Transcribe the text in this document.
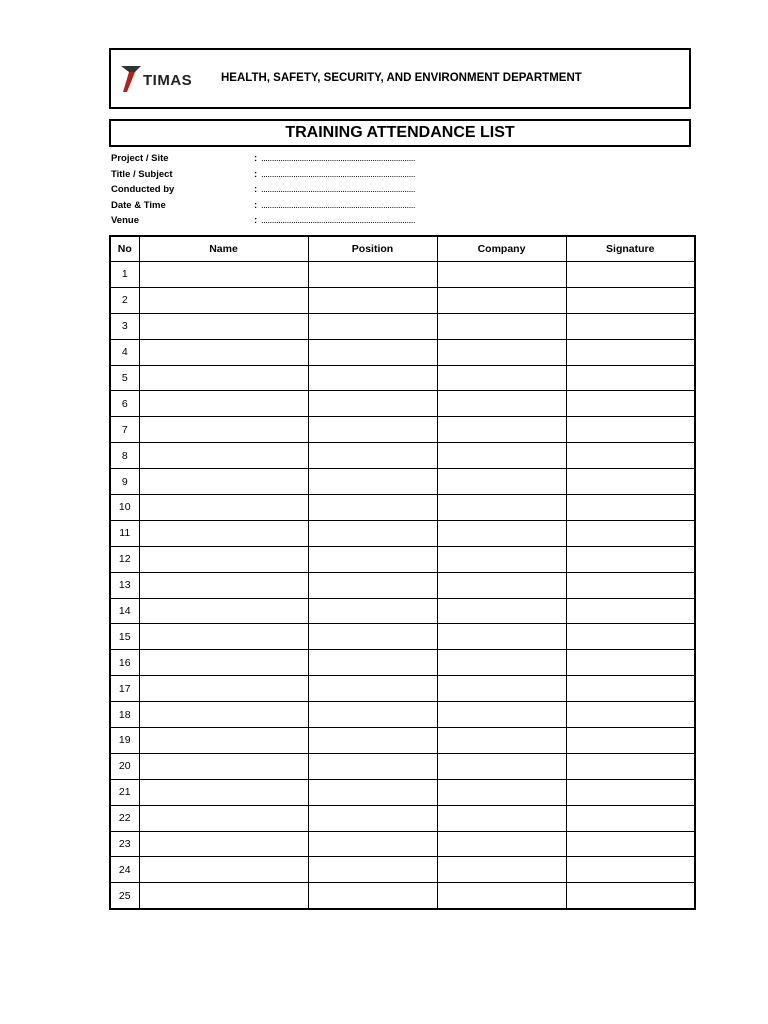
TIMAS	HEALTH, SAFETY, SECURITY, AND ENVIRONMENT DEPARTMENT
TRAINING ATTENDANCE LIST
Project / Site	: ........................................................................
Title / Subject	: ........................................................................
Conducted by	: ........................................................................
Date & Time	: ........................................................................
Venue	: ........................................................................
No	Name	Position	Company	Signature
1				
2				
3				
4				
5				
6				
7				
8				
9				
10				
11				
12				
13				
14				
15				
16				
17				
18				
19				
20				
21				
22				
23				
24				
25				
